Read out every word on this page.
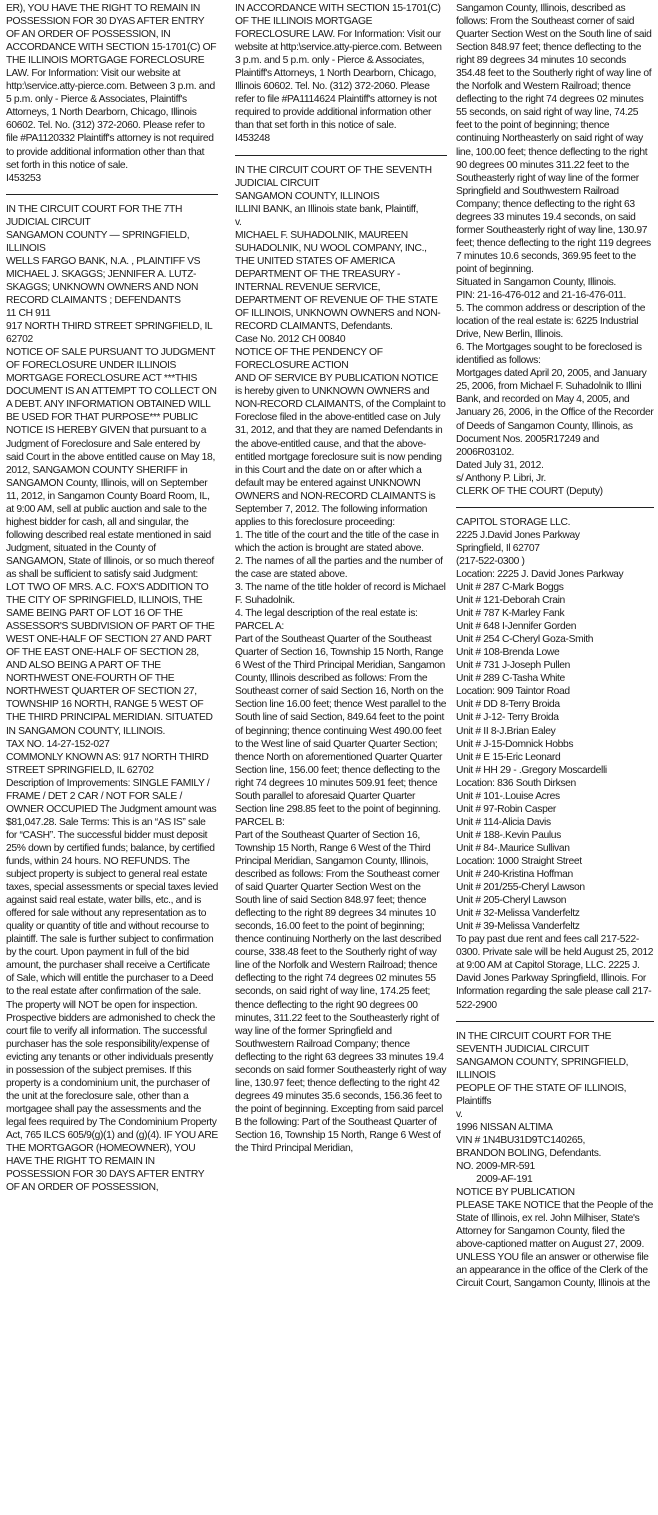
ER), YOU HAVE THE RIGHT TO REMAIN IN POSSESSION FOR 30 DYAS AFTER ENTRY OF AN ORDER OF POSSESSION, IN ACCORDANCE WITH SECTION 15-1701(C) OF THE ILLINOIS MORTGAGE FORECLOSURE LAW. For Information: Visit our website at http:\service.atty-pierce.com. Between 3 p.m. and 5 p.m. only - Pierce & Associates, Plaintiff's Attorneys, 1 North Dearborn, Chicago, Illinois 60602. Tel. No. (312) 372-2060. Please refer to file #PA1120332 Plaintiff's attorney is not required to provide additional information other than that set forth in this notice of sale.

I453253

IN THE CIRCUIT COURT FOR THE 7TH JUDICIAL CIRCUIT

SANGAMON COUNTY — SPRINGFIELD, ILLINOIS

WELLS FARGO BANK, N.A. , PLAINTIFF VS

MICHAEL J. SKAGGS; JENNIFER A. LUTZ-SKAGGS; UNKNOWN OWNERS AND NON RECORD CLAIMANTS ; DEFENDANTS

11 CH 911

917 NORTH THIRD STREET SPRINGFIELD, IL 62702

NOTICE OF SALE PURSUANT TO JUDGMENT OF FORECLOSURE UNDER ILLINOIS MORTGAGE FORECLOSURE ACT ***THIS DOCUMENT IS AN ATTEMPT TO COLLECT ON A DEBT. ANY INFORMATION OBTAINED WILL BE USED FOR THAT PURPOSE*** PUBLIC NOTICE IS HEREBY GIVEN that pursuant to a Judgment of Foreclosure and Sale entered by said Court in the above entitled cause on May 18, 2012, SANGAMON COUNTY SHERIFF in SANGAMON County, Illinois, will on September 11, 2012, in Sangamon County Board Room, IL, at 9:00 AM, sell at public auction and sale to the highest bidder for cash, all and singular, the following described real estate mentioned in said Judgment, situated in the County of SANGAMON, State of Illinois, or so much thereof as shall be sufficient to satisfy said Judgment:

LOT TWO OF MRS. A.C. FOX'S ADDITION TO THE CITY OF SPRINGFIELD, ILLINOIS, THE SAME BEING PART OF LOT 16 OF THE ASSESSOR'S SUBDIVISION OF PART OF THE WEST ONE-HALF OF SECTION 27 AND PART OF THE EAST ONE-HALF OF SECTION 28, AND ALSO BEING A PART OF THE NORTHWEST ONE-FOURTH OF THE NORTHWEST QUARTER OF SECTION 27, TOWNSHIP 16 NORTH, RANGE 5 WEST OF THE THIRD PRINCIPAL MERIDIAN. SITUATED IN SANGAMON COUNTY, ILLINOIS.

TAX NO. 14-27-152-027

COMMONLY KNOWN AS: 917 NORTH THIRD STREET SPRINGFIELD, IL 62702

Description of Improvements: SINGLE FAMILY / FRAME / DET 2 CAR / NOT FOR SALE / OWNER OCCUPIED The Judgment amount was $81,047.28. Sale Terms: This is an “AS IS” sale for “CASH”. The successful bidder must deposit 25% down by certified funds; balance, by certified funds, within 24 hours. NO REFUNDS. The subject property is subject to general real estate taxes, special assessments or special taxes levied against said real estate, water bills, etc., and is offered for sale without any representation as to quality or quantity of title and without recourse to plaintiff. The sale is further subject to confirmation by the court. Upon payment in full of the bid amount, the purchaser shall receive a Certificate of Sale, which will entitle the purchaser to a Deed to the real estate after confirmation of the sale. The property will NOT be open for inspection. Prospective bidders are admonished to check the court file to verify all information. The successful purchaser has the sole responsibility/expense of evicting any tenants or other individuals presently in possession of the subject premises. If this property is a condominium unit, the purchaser of the unit at the foreclosure sale, other than a mortgagee shall pay the assessments and the legal fees required by The Condominium Property Act, 765 ILCS 605/9(g)(1) and (g)(4). IF YOU ARE THE MORTGAGOR (HOMEOWNER), YOU HAVE THE RIGHT TO REMAIN IN POSSESSION FOR 30 DAYS AFTER ENTRY OF AN ORDER OF POSSESSION,

IN ACCORDANCE WITH SECTION 15-1701(C) OF THE ILLINOIS MORTGAGE FORECLOSURE LAW. For Information: Visit our website at http:\service.atty-pierce.com. Between 3 p.m. and 5 p.m. only - Pierce & Associates, Plaintiff's Attorneys, 1 North Dearborn, Chicago, Illinois 60602. Tel. No. (312) 372-2060. Please refer to file #PA1114624 Plaintiff's attorney is not required to provide additional information other than that set forth in this notice of sale.

I453248

IN THE CIRCUIT COURT OF THE SEVENTH JUDICIAL CIRCUIT

SANGAMON COUNTY, ILLINOIS

ILLINI BANK, an Illinois state bank, Plaintiff,

v.

MICHAEL F. SUHADOLNIK, MAUREEN SUHADOLNIK, NU WOOL COMPANY, INC., THE UNITED STATES OF AMERICA DEPARTMENT OF THE TREASURY - INTERNAL REVENUE SERVICE, DEPARTMENT OF REVENUE OF THE STATE OF ILLINOIS, UNKNOWN OWNERS and NON-RECORD CLAIMANTS, Defendants.

Case No. 2012 CH 00840

NOTICE OF THE PENDENCY OF FORECLOSURE ACTION

AND OF SERVICE BY PUBLICATION NOTICE is hereby given to UNKNOWN OWNERS and NON-RECORD CLAIMANTS, of the Complaint to Foreclose filed in the above-entitled case on July 31, 2012, and that they are named Defendants in the above-entitled cause, and that the above-entitled mortgage foreclosure suit is now pending in this Court and the date on or after which a default may be entered against UNKNOWN OWNERS and NON-RECORD CLAIMANTS is September 7, 2012. The following information applies to this foreclosure proceeding:

1. The title of the court and the title of the case in which the action is brought are stated above.

2. The names of all the parties and the number of the case are stated above.

3. The name of the title holder of record is Michael F. Suhadolnik.

4. The legal description of the real estate is:

PARCEL A:

Part of the Southeast Quarter of the Southeast Quarter of Section 16, Township 15 North, Range 6 West of the Third Principal Meridian, Sangamon County, Illinois described as follows: From the Southeast corner of said Section 16, North on the Section line 16.00 feet; thence West parallel to the South line of said Section, 849.64 feet to the point of beginning; thence continuing West 490.00 feet to the West line of said Quarter Quarter Section; thence North on aforementioned Quarter Quarter Section line, 156.00 feet; thence deflecting to the right 74 degrees 10 minutes 509.91 feet; thence South parallel to aforesaid Quarter Quarter Section line 298.85 feet to the point of beginning.

PARCEL B:

Part of the Southeast Quarter of Section 16, Township 15 North, Range 6 West of the Third Principal Meridian, Sangamon County, Illinois, described as follows: From the Southeast corner of said Quarter Quarter Section West on the South line of said Section 848.97 feet; thence deflecting to the right 89 degrees 34 minutes 10 seconds, 16.00 feet to the point of beginning; thence continuing Northerly on the last described course, 338.48 feet to the Southerly right of way line of the Norfolk and Western Railroad; thence deflecting to the right 74 degrees 02 minutes 55 seconds, on said right of way line, 174.25 feet; thence deflecting to the right 90 degrees 00 minutes, 311.22 feet to the Southeasterly right of way line of the former Springfield and Southwestern Railroad Company; thence deflecting to the right 63 degrees 33 minutes 19.4 seconds on said former Southeasterly right of way line, 130.97 feet; thence deflecting to the right 42 degrees 49 minutes 35.6 seconds, 156.36 feet to the point of beginning. Excepting from said parcel B the following: Part of the Southeast Quarter of Section 16, Township 15 North, Range 6 West of the Third Principal Meridian,

Sangamon County, Illinois, described as follows: From the Southeast corner of said Quarter Section West on the South line of said Section 848.97 feet; thence deflecting to the right 89 degrees 34 minutes 10 seconds 354.48 feet to the Southerly right of way line of the Norfolk and Western Railroad; thence deflecting to the right 74 degrees 02 minutes 55 seconds, on said right of way line, 74.25 feet to the point of beginning; thence continuing Northeasterly on said right of way line, 100.00 feet; thence deflecting to the right 90 degrees 00 minutes 311.22 feet to the Southeasterly right of way line of the former Springfield and Southwestern Railroad Company; thence deflecting to the right 63 degrees 33 minutes 19.4 seconds, on said former Southeasterly right of way line, 130.97 feet; thence deflecting to the right 119 degrees 7 minutes 10.6 seconds, 369.95 feet to the point of beginning.

Situated in Sangamon County, Illinois.

PIN: 21-16-476-012 and 21-16-476-011.

5. The common address or description of the location of the real estate is: 6225 Industrial Drive, New Berlin, Illinois.

6. The Mortgages sought to be foreclosed is identified as follows:

Mortgages dated April 20, 2005, and January 25, 2006, from Michael F. Suhadolnik to Illini Bank, and recorded on May 4, 2005, and January 26, 2006, in the Office of the Recorder of Deeds of Sangamon County, Illinois, as Document Nos. 2005R17249 and 2006R03102.

Dated July 31, 2012.

s/ Anthony P. Libri, Jr.

CLERK OF THE COURT (Deputy)

CAPITOL STORAGE LLC.

2225 J.David Jones Parkway

Springfield, Il 62707

(217-522-0300 )

Location: 2225 J. David Jones Parkway

Unit # 287 C-Mark Boggs

Unit # 121-Deborah Crain

Unit # 787 K-Marley Fank

Unit # 648 I-Jennifer Gorden

Unit # 254 C-Cheryl Goza-Smith

Unit # 108-Brenda Lowe

Unit # 731 J-Joseph Pullen

Unit # 289 C-Tasha White

Location: 909 Taintor Road

Unit # DD 8-Terry Broida

Unit # J-12- Terry Broida

Unit # II 8-J.Brian Ealey

Unit # J-15-Domnick Hobbs

Unit # E 15-Eric Leonard

Unit # HH 29 - .Gregory Moscardelli

Location: 836 South Dirksen

Unit # 101-.Louise Acres

Unit # 97-Robin Casper

Unit # 114-Alicia Davis

Unit # 188-.Kevin Paulus

Unit # 84-.Maurice Sullivan

Location: 1000 Straight Street

Unit # 240-Kristina Hoffman

Unit # 201/255-Cheryl Lawson

Unit # 205-Cheryl Lawson

Unit # 32-Melissa Vanderfeltz

Unit # 39-Melissa Vanderfeltz

To pay past due rent and fees call 217-522-0300. Private sale will be held August 25, 2012 at 9:00 AM at Capitol Storage, LLC. 2225 J. David Jones Parkway Springfield, Illinois. For Information regarding the sale please call 217-522-2900

IN THE CIRCUIT COURT FOR THE SEVENTH JUDICIAL CIRCUIT

SANGAMON COUNTY, SPRINGFIELD, ILLINOIS

PEOPLE OF THE STATE OF ILLINOIS, Plaintiffs

v.

1996 NISSAN ALTIMA

VIN # 1N4BU31D9TC140265,

BRANDON BOLING, Defendants.

NO. 2009-MR-591

2009-AF-191

NOTICE BY PUBLICATION

PLEASE TAKE NOTICE that the People of the State of Illinois, ex rel. John Milhiser, State's Attorney for Sangamon County, filed the above-captioned matter on August 27, 2009. UNLESS YOU file an answer or otherwise file an appearance in the office of the Clerk of the Circuit Court, Sangamon County, Illinois at the
